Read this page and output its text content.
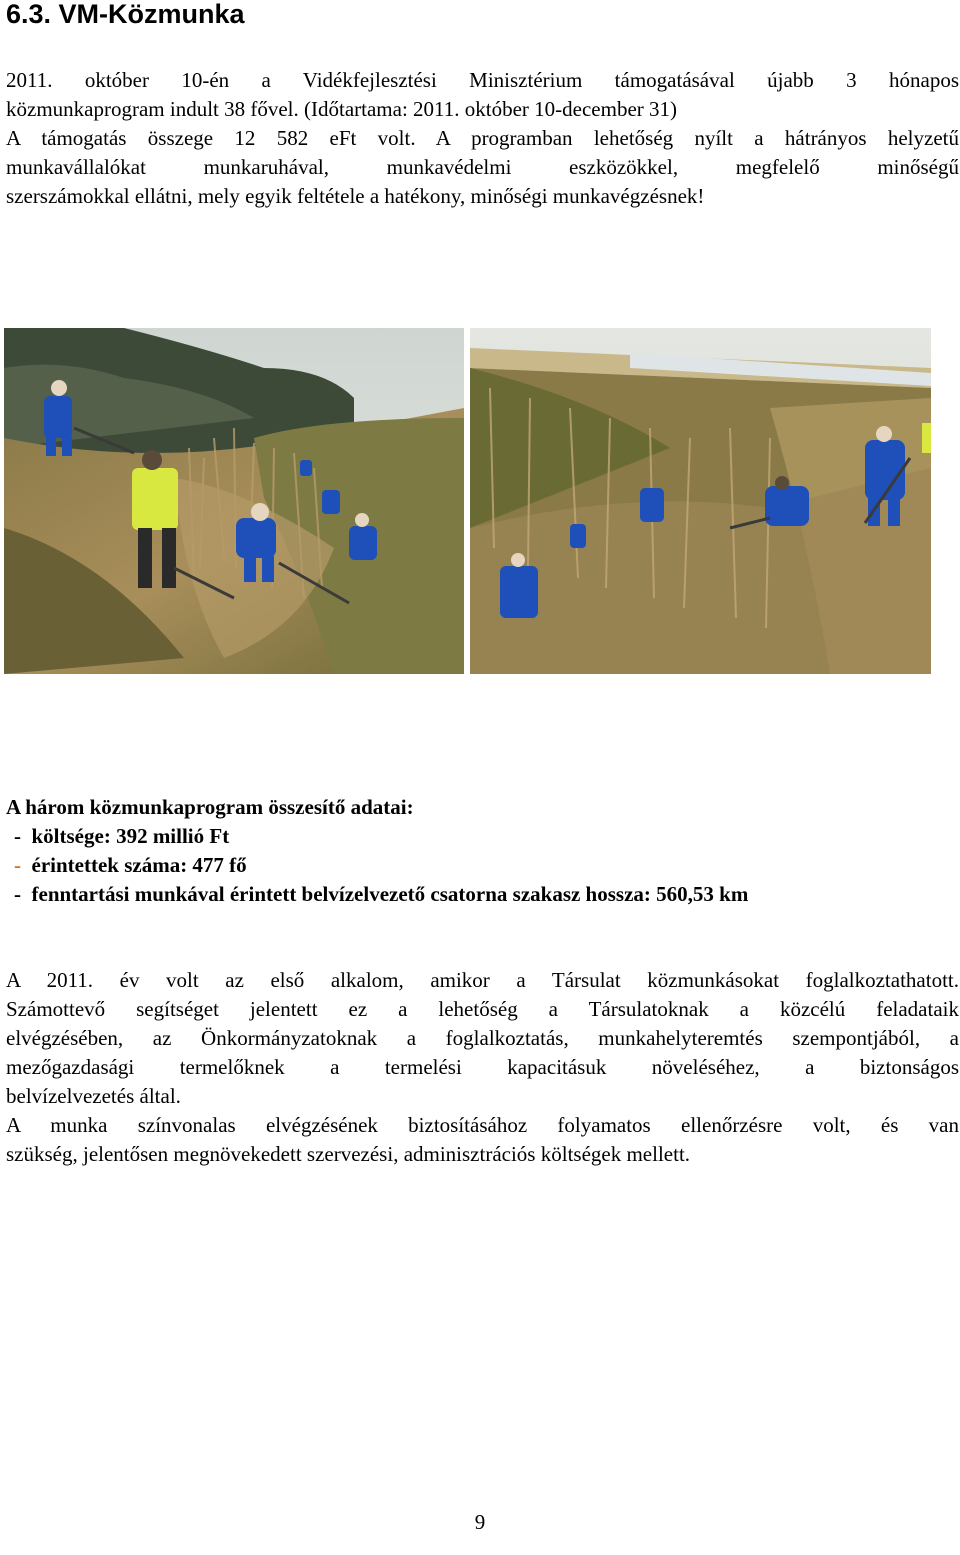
6.3. VM-Közmunka
2011. október 10-én a Vidékfejlesztési Minisztérium támogatásával újabb 3 hónapos
közmunkaprogram indult 38 fővel. (Időtartama: 2011. október 10-december 31)
A támogatás összege 12 582 eFt volt. A programban lehetőség nyílt a hátrányos helyzetű
munkavállalókat munkaruhával, munkavédelmi eszközökkel, megfelelő minőségű
szerszámokkal ellátni, mely egyik feltétele a hatékony, minőségi munkavégzésnek!
A három közmunkaprogram összesítő adatai:
- költsége: 392 millió Ft
- érintettek száma: 477 fő
- fenntartási munkával érintett belvízelvezető csatorna szakasz hossza: 560,53 km
A 2011. év volt az első alkalom, amikor a Társulat közmunkásokat foglalkoztathatott.
Számottevő segítséget jelentett ez a lehetőség a Társulatoknak a közcélú feladataik
elvégzésében, az Önkormányzatoknak a foglalkoztatás, munkahelyteremtés szempontjából, a
mezőgazdasági termelőknek a termelési kapacitásuk növeléséhez, a biztonságos
belvízelvezetés által.
A munka színvonalas elvégzésének biztosításához folyamatos ellenőrzésre volt, és van
szükség, jelentősen megnövekedett szervezési, adminisztrációs költségek mellett.
9
